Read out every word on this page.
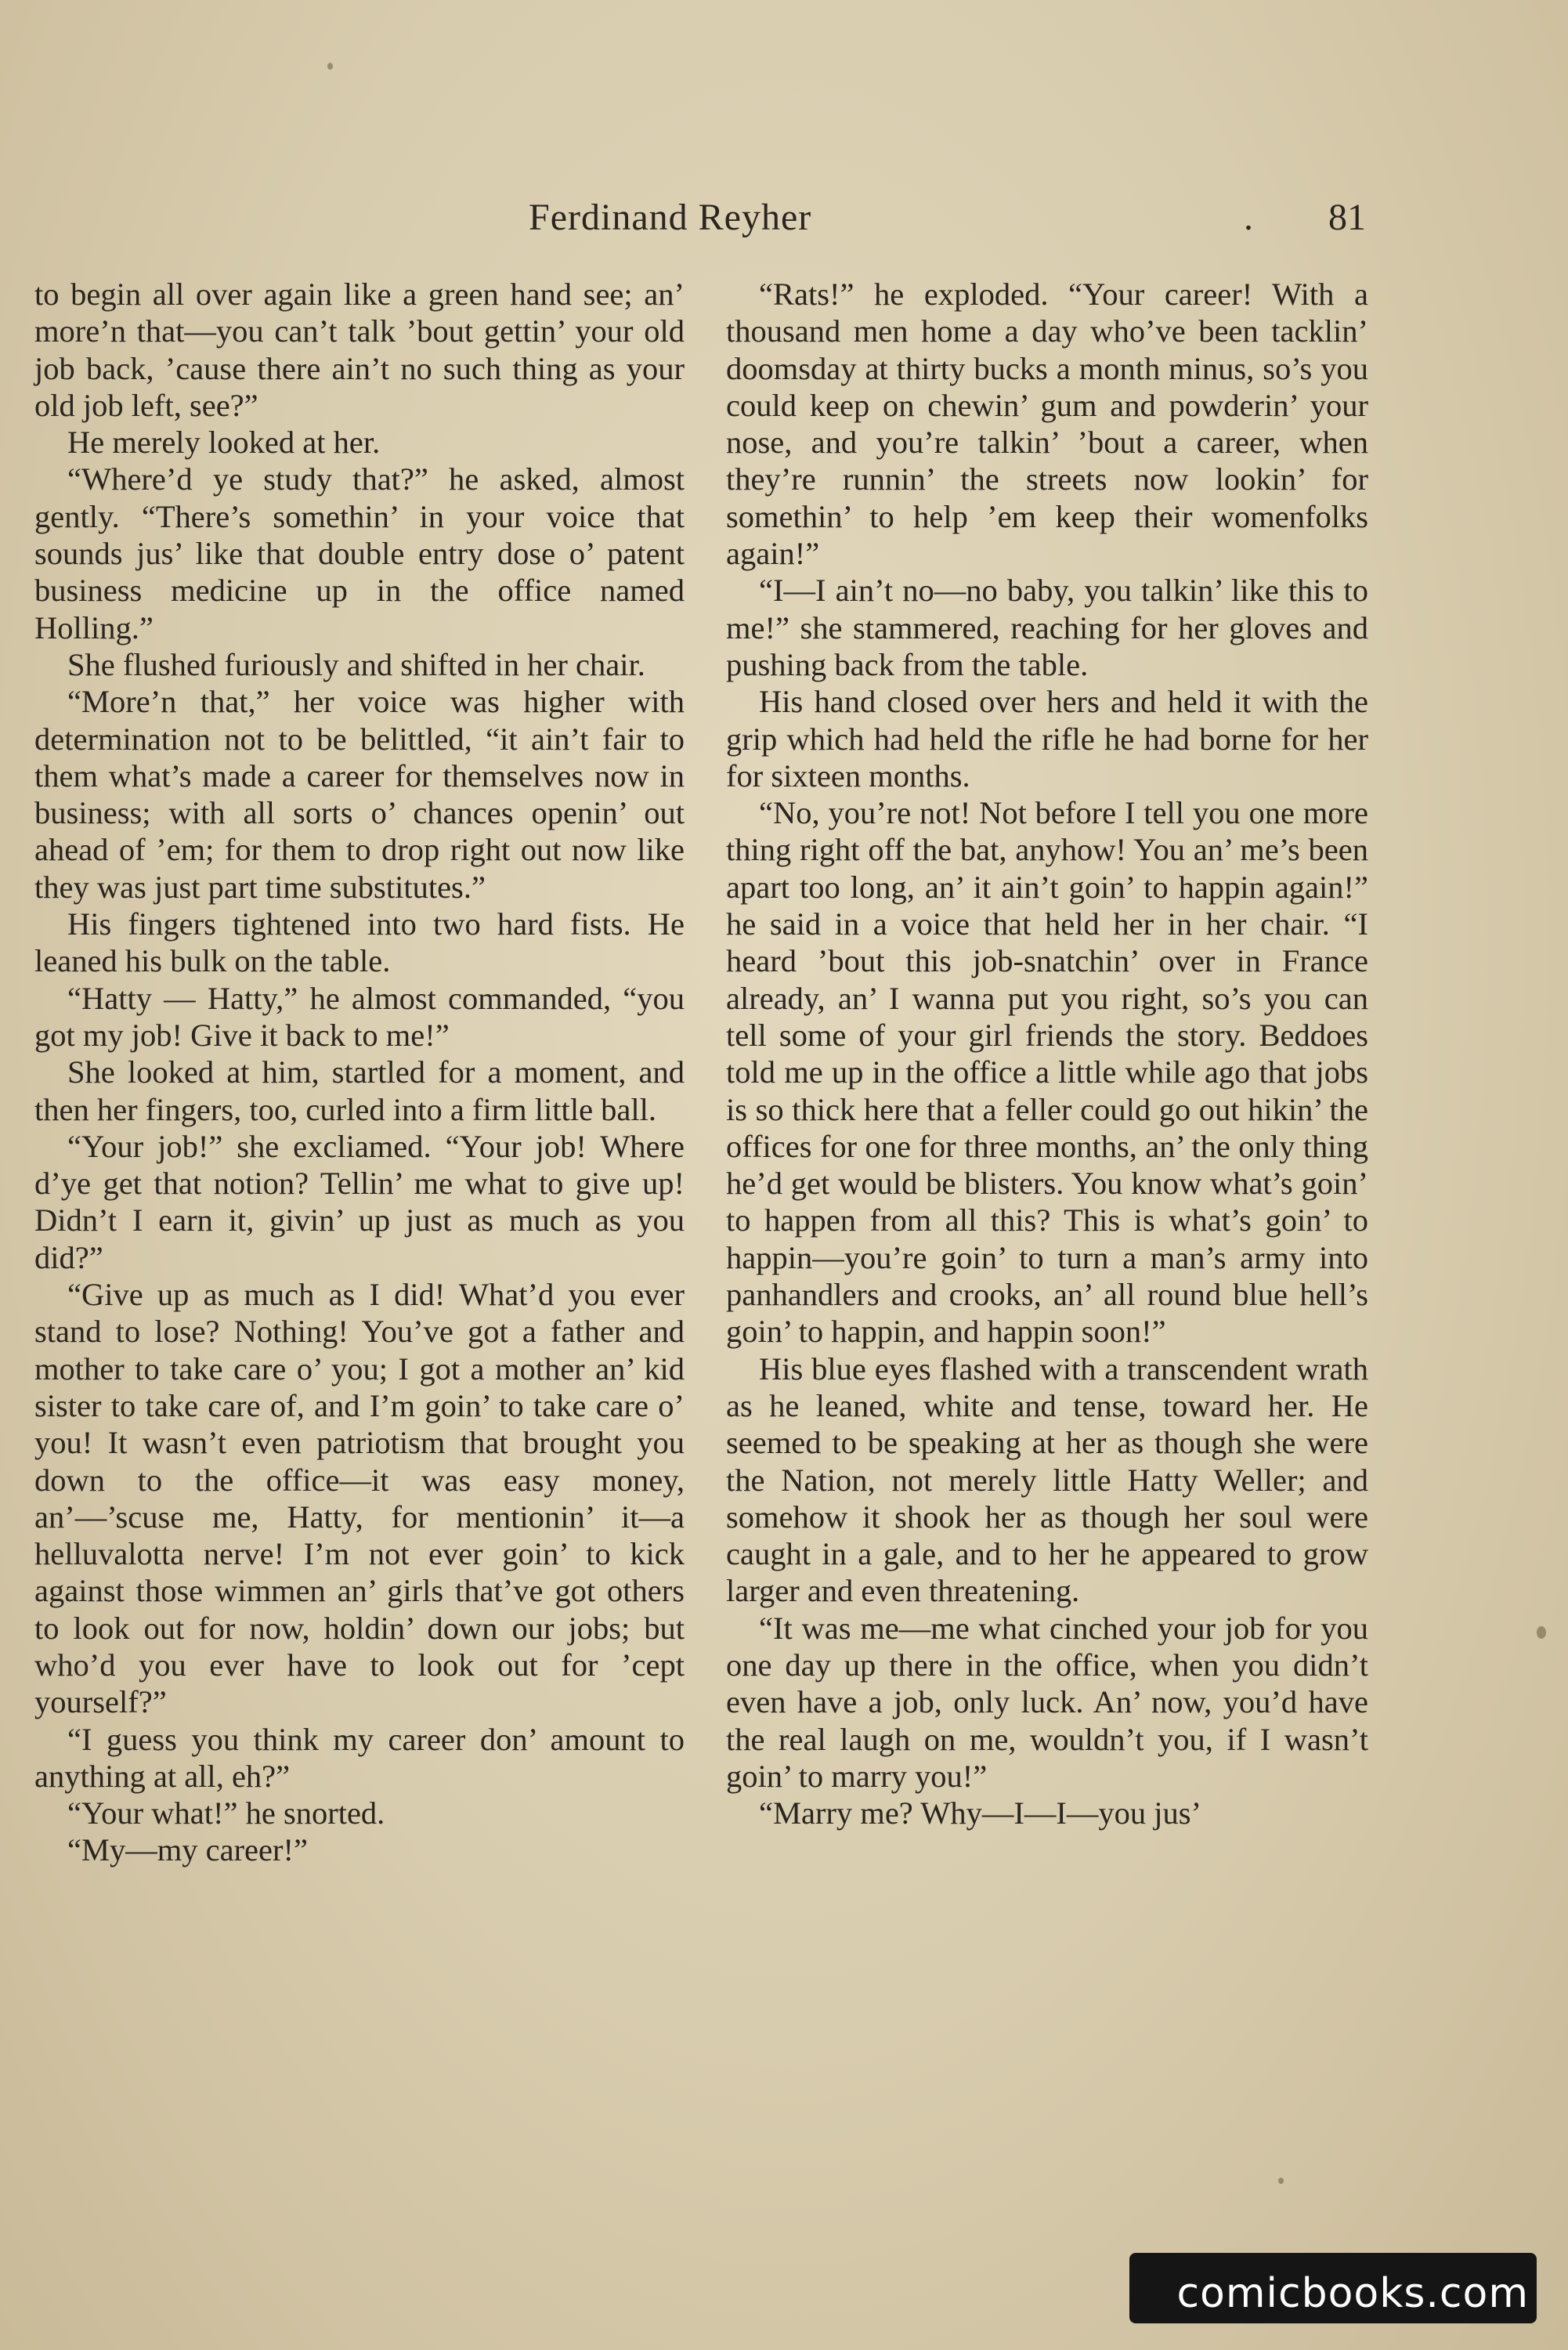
Ferdinand Reyher	. 81

to begin all over again like a green hand see; an’ more’n that—you can’t talk ’bout gettin’ your old job back, ’cause there ain’t no such thing as your old job left, see?”

He merely looked at her.

“Where’d ye study that?” he asked, almost gently. “There’s somethin’ in your voice that sounds jus’ like that double entry dose o’ patent business medicine up in the office named Holling.”

She flushed furiously and shifted in her chair.

“More’n that,” her voice was higher with determination not to be belittled, “it ain’t fair to them what’s made a career for themselves now in business; with all sorts o’ chances openin’ out ahead of ’em; for them to drop right out now like they was just part time substitutes.”

His fingers tightened into two hard fists. He leaned his bulk on the table.

“Hatty — Hatty,” he almost commanded, “you got my job! Give it back to me!”

She looked at him, startled for a moment, and then her fingers, too, curled into a firm little ball.

“Your job!” she excliamed. “Your job! Where d’ye get that notion? Tellin’ me what to give up! Didn’t I earn it, givin’ up just as much as you did?”

“Give up as much as I did! What’d you ever stand to lose? Nothing! You’ve got a father and mother to take care o’ you; I got a mother an’ kid sister to take care of, and I’m goin’ to take care o’ you! It wasn’t even patriotism that brought you down to the office—it was easy money, an’—’scuse me, Hatty, for mentionin’ it—a helluvalotta nerve! I’m not ever goin’ to kick against those wimmen an’ girls that’ve got others to look out for now, holdin’ down our jobs; but who’d you ever have to look out for ’cept yourself?”

“I guess you think my career don’ amount to anything at all, eh?”

“Your what!” he snorted.

“My—my career!”

“Rats!” he exploded. “Your career! With a thousand men home a day who’ve been tacklin’ doomsday at thirty bucks a month minus, so’s you could keep on chewin’ gum and powderin’ your nose, and you’re talkin’ ’bout a career, when they’re runnin’ the streets now lookin’ for somethin’ to help ’em keep their womenfolks again!”

“I—I ain’t no—no baby, you talkin’ like this to me!” she stammered, reaching for her gloves and pushing back from the table.

His hand closed over hers and held it with the grip which had held the rifle he had borne for her for sixteen months.

“No, you’re not! Not before I tell you one more thing right off the bat, anyhow! You an’ me’s been apart too long, an’ it ain’t goin’ to happin again!” he said in a voice that held her in her chair. “I heard ’bout this job-snatchin’ over in France already, an’ I wanna put you right, so’s you can tell some of your girl friends the story. Beddoes told me up in the office a little while ago that jobs is so thick here that a feller could go out hikin’ the offices for one for three months, an’ the only thing he’d get would be blisters. You know what’s goin’ to happen from all this? This is what’s goin’ to happin—you’re goin’ to turn a man’s army into panhandlers and crooks, an’ all round blue hell’s goin’ to happin, and happin soon!”

His blue eyes flashed with a transcendent wrath as he leaned, white and tense, toward her. He seemed to be speaking at her as though she were the Nation, not merely little Hatty Weller; and somehow it shook her as though her soul were caught in a gale, and to her he appeared to grow larger and even threatening.

“It was me—me what cinched your job for you one day up there in the office, when you didn’t even have a job, only luck. An’ now, you’d have the real laugh on me, wouldn’t you, if I wasn’t goin’ to marry you!”

“Marry me? Why—I—I—you jus’

comicbooks.com
